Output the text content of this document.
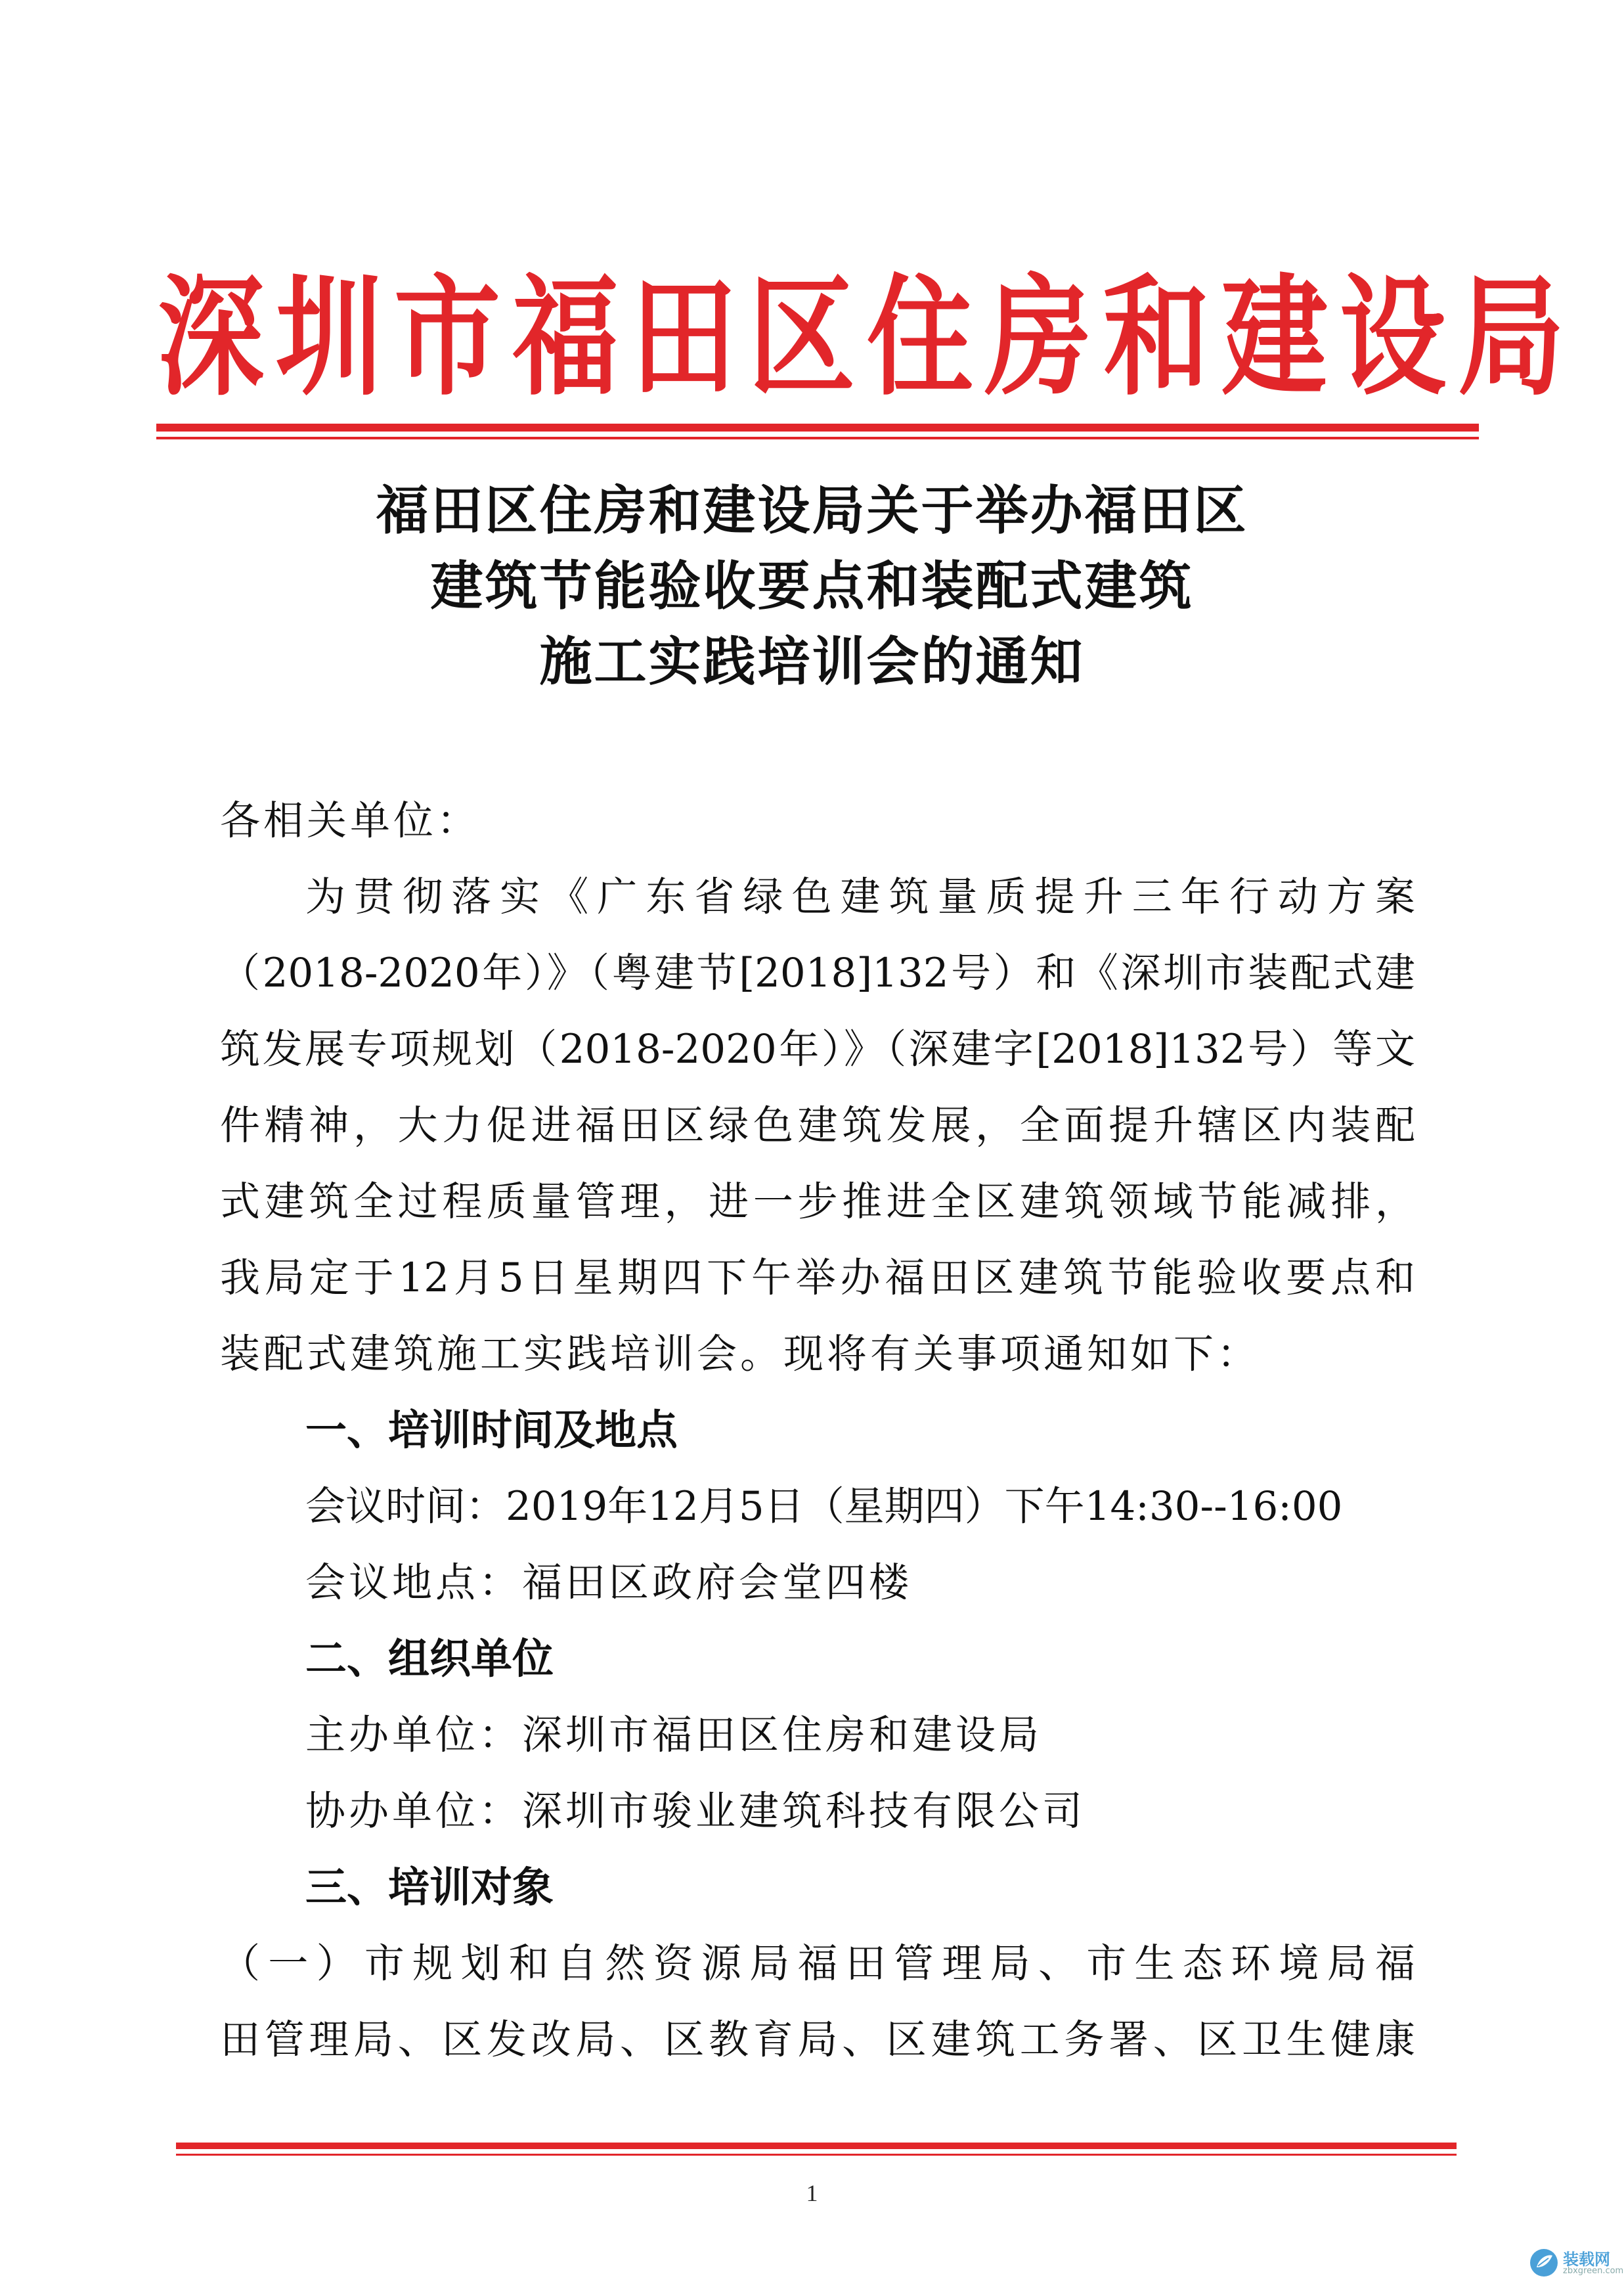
深圳市福田区住房和建设局
福田区住房和建设局关于举办福田区
建筑节能验收要点和装配式建筑
施工实践培训会的通知
各相关单位：
为贯彻落实《广东省绿色建筑量质提升三年行动方案
（2018-2020年）》（粤建节[2018]132号）和《深圳市装配式建
筑发展专项规划（2018-2020年）》（深建字[2018]132号）等文
件精神，大力促进福田区绿色建筑发展，全面提升辖区内装配
式建筑全过程质量管理，进一步推进全区建筑领域节能减排，
我局定于12月5日星期四下午举办福田区建筑节能验收要点和
装配式建筑施工实践培训会。现将有关事项通知如下：
一、培训时间及地点
会议时间：2019年12月5日（星期四）下午14:30--16:00
会议地点：福田区政府会堂四楼
二、组织单位
主办单位：深圳市福田区住房和建设局
协办单位：深圳市骏业建筑科技有限公司
三、培训对象
（一）市规划和自然资源局福田管理局、市生态环境局福
田管理局、区发改局、区教育局、区建筑工务署、区卫生健康
1
装载网
zbxgreen.com
